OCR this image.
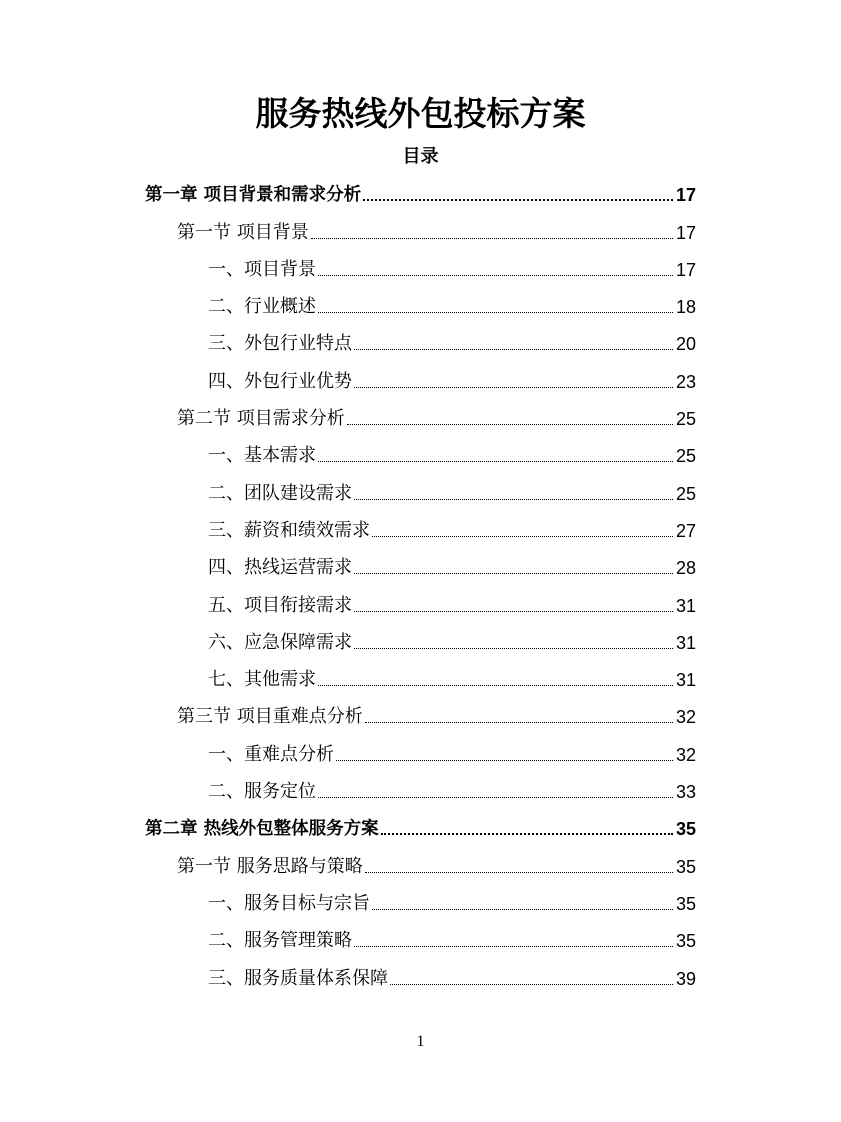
服务热线外包投标方案
目录
第一章 项目背景和需求分析	17
第一节 项目背景	17
一、项目背景	17
二、行业概述	18
三、外包行业特点	20
四、外包行业优势	23
第二节 项目需求分析	25
一、基本需求	25
二、团队建设需求	25
三、薪资和绩效需求	27
四、热线运营需求	28
五、项目衔接需求	31
六、应急保障需求	31
七、其他需求	31
第三节 项目重难点分析	32
一、重难点分析	32
二、服务定位	33
第二章 热线外包整体服务方案	35
第一节 服务思路与策略	35
一、服务目标与宗旨	35
二、服务管理策略	35
三、服务质量体系保障	39
1
